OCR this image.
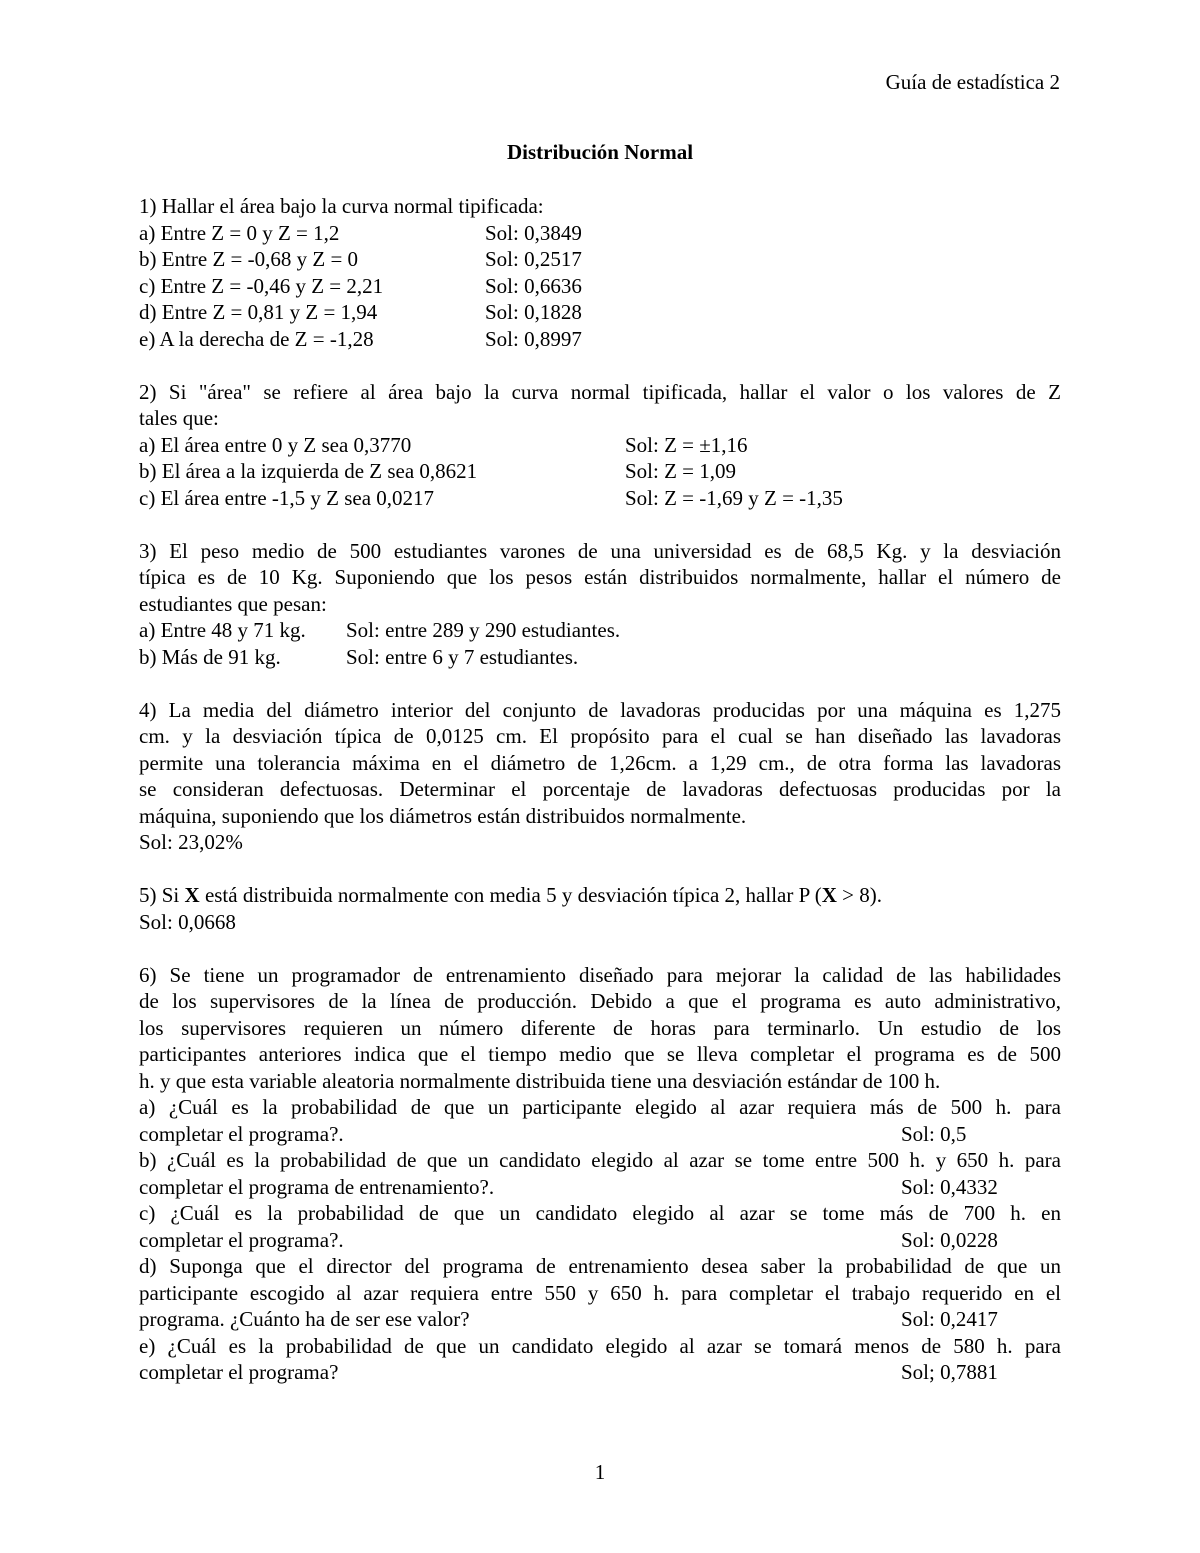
Guía de estadística 2
Distribución Normal
1) Hallar el área bajo la curva normal tipificada:
a) Entre Z = 0 y Z = 1,2	Sol: 0,3849
b) Entre Z = -0,68 y Z = 0	Sol: 0,2517
c) Entre Z = -0,46 y Z = 2,21	Sol: 0,6636
d) Entre Z = 0,81 y Z = 1,94	Sol: 0,1828
e) A la derecha de Z = -1,28	Sol: 0,8997
2) Si "área" se refiere al área bajo la curva normal tipificada, hallar el valor o los valores de Z
tales que:
a) El área entre 0 y Z sea 0,3770	Sol: Z = ±1,16
b) El área a la izquierda de Z sea 0,8621	Sol: Z = 1,09
c) El área entre -1,5 y Z sea 0,0217	Sol: Z = -1,69 y Z = -1,35
3) El peso medio de 500 estudiantes varones de una universidad es de 68,5 Kg. y la desviación
típica es de 10 Kg. Suponiendo que los pesos están distribuidos normalmente, hallar el número de
estudiantes que pesan:
a) Entre 48 y 71 kg.	Sol: entre 289 y 290 estudiantes.
b) Más de 91 kg.	Sol: entre 6 y 7 estudiantes.
4) La media del diámetro interior del conjunto de lavadoras producidas por una máquina es 1,275
cm. y la desviación típica de 0,0125 cm. El propósito para el cual se han diseñado las lavadoras
permite una tolerancia máxima en el diámetro de 1,26cm. a 1,29 cm., de otra forma las lavadoras
se consideran defectuosas. Determinar el porcentaje de lavadoras defectuosas producidas por la
máquina, suponiendo que los diámetros están distribuidos normalmente.
Sol: 23,02%
5) Si X está distribuida normalmente con media 5 y desviación típica 2, hallar P (X > 8).
Sol: 0,0668
6) Se tiene un programador de entrenamiento diseñado para mejorar la calidad de las habilidades
de los supervisores de la línea de producción. Debido a que el programa es auto administrativo,
los supervisores requieren un número diferente de horas para terminarlo. Un estudio de los
participantes anteriores indica que el tiempo medio que se lleva completar el programa es de 500
h. y que esta variable aleatoria normalmente distribuida tiene una desviación estándar de 100 h.
a) ¿Cuál es la probabilidad de que un participante elegido al azar requiera más de 500 h. para
completar el programa?.	Sol: 0,5
b) ¿Cuál es la probabilidad de que un candidato elegido al azar se tome entre 500 h. y 650 h. para
completar el programa de entrenamiento?.	Sol: 0,4332
c) ¿Cuál es la probabilidad de que un candidato elegido al azar se tome más de 700 h. en
completar el programa?.	Sol: 0,0228
d) Suponga que el director del programa de entrenamiento desea saber la probabilidad de que un
participante escogido al azar requiera entre 550 y 650 h. para completar el trabajo requerido en el
programa. ¿Cuánto ha de ser ese valor?	Sol: 0,2417
e) ¿Cuál es la probabilidad de que un candidato elegido al azar se tomará menos de 580 h. para
completar el programa?	Sol; 0,7881
1
